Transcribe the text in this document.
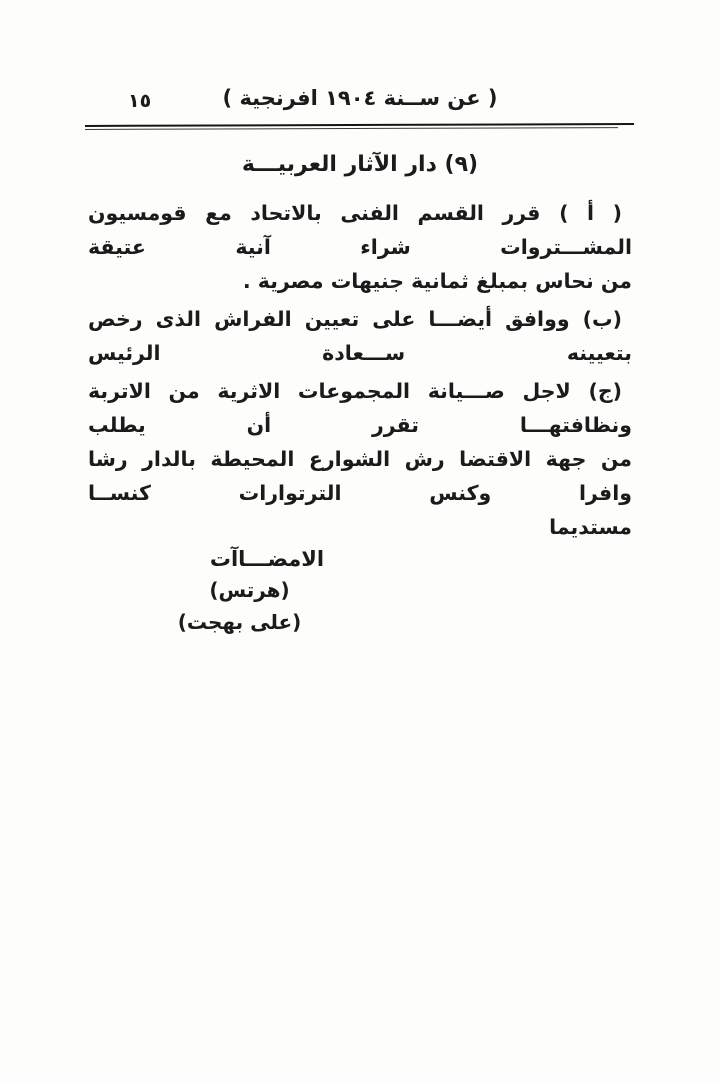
١٥	( عن ســنة ١٩٠٤ افرنجية )
(٩) دار الآثار العربيـــة
( أ ) قرر القسم الفنى بالاتحاد مع قومسيون المشـــتروات شراء آنية عتيقة
من نحاس بمبلغ ثمانية جنيهات مصرية .
(ب) ووافق أيضـــا على تعيين الفراش الذى رخص بتعيينه ســـعادة الرئيس
(ج) لاجل صـــيانة المجموعات الاثرية من الاتربة ونظافتهـــا تقرر أن يطلب
من جهة الاقتضا رش الشوارع المحيطة بالدار رشا وافرا وكنس الترتوارات كنســا
مستديما
الامضـــاآت
(هرتس) (على بهجت)
